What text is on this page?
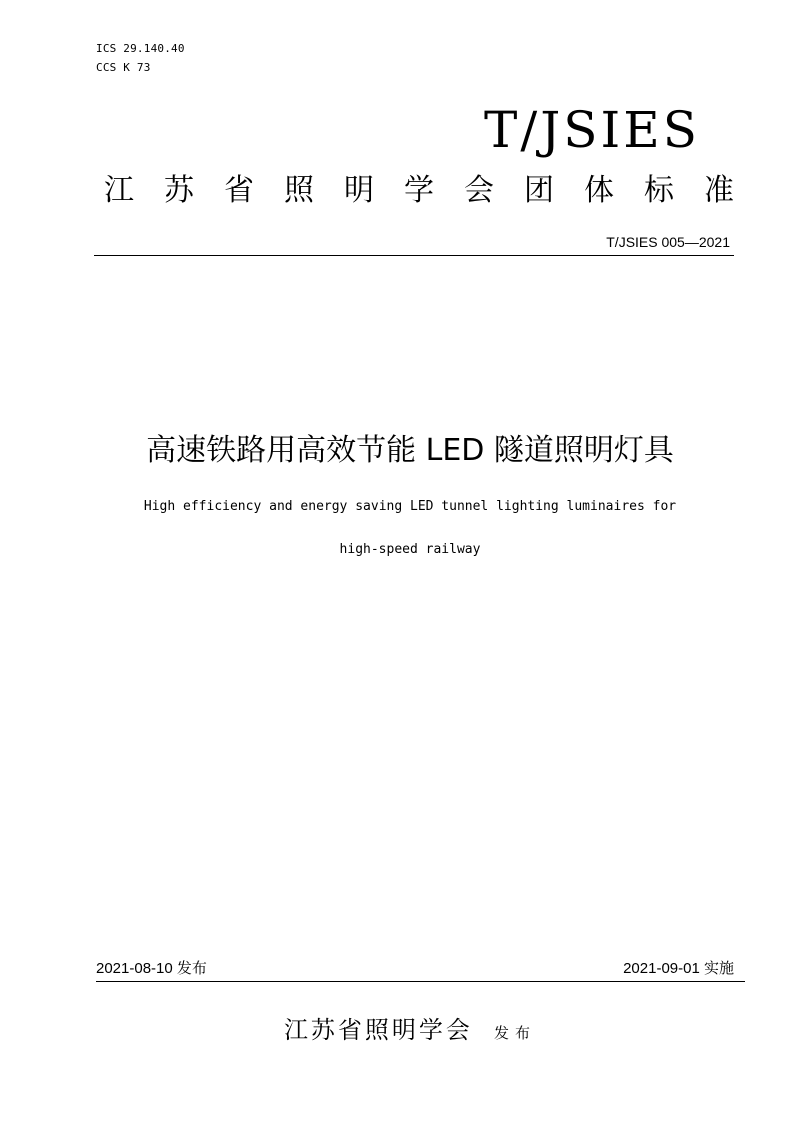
ICS 29.140.40
CCS K 73
T/JSIES
江 苏 省 照 明 学 会 团 体 标 准
T/JSIES 005—2021
高速铁路用高效节能 LED 隧道照明灯具
High efficiency and energy saving LED tunnel lighting luminaires for
high-speed railway
2021-08-10 发布	2021-09-01 实施
江苏省照明学会 发布
